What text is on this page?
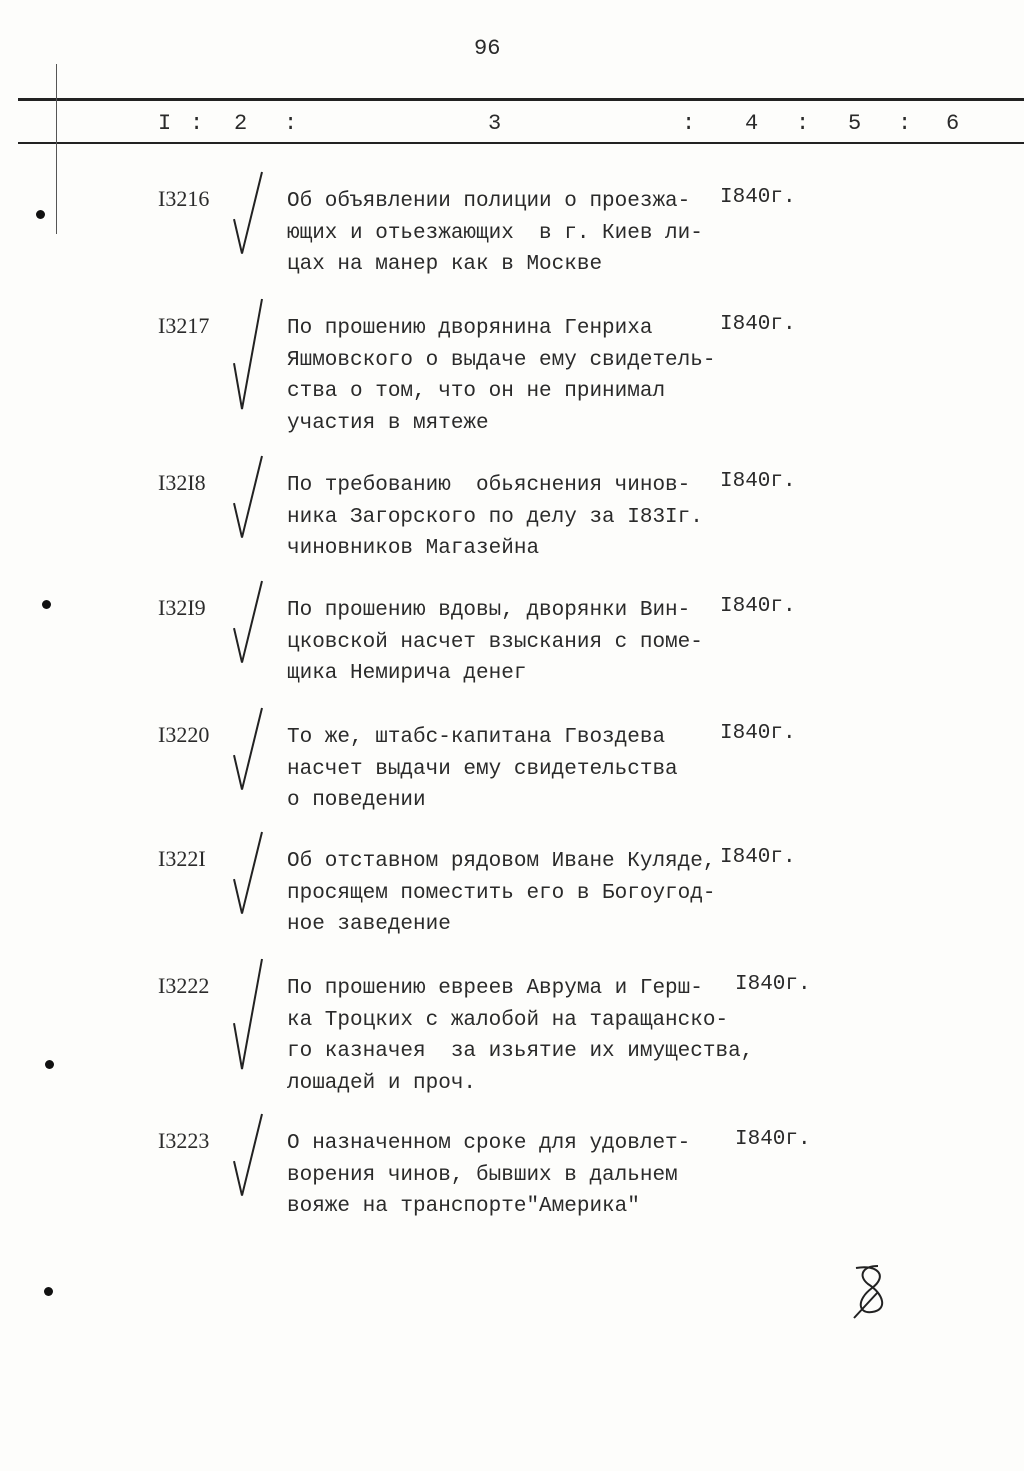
96
I : 2 :	3	: 4 : 5 : 6
I3216	Об объявлении полиции о проезжа-
ющих и отьезжающих  в г. Киев ли-
цах на манер как в Москве
I840г.
I3217	По прошению дворянина Генриха
Яшмовского о выдаче ему свидетель-
ства о том, что он не принимал
участия в мятеже
I840г.
I32I8	По требованию  обьяснения чинов-
ника Загорского по делу за I83Iг.
чиновников Магазейна
I840г.
I32I9	По прошению вдовы, дворянки Вин-
цковской насчет взыскания с поме-
щика Немирича денег
I840г.
I3220	То же, штабс-капитана Гвоздева
насчет выдачи ему свидетельства
о поведении
I840г.
I322I	Об отставном рядовом Иване Куляде,
просящем поместить его в Богоугод-
ное заведение
I840г.
I3222	По прошению евреев Аврума и Герш-
ка Троцких с жалобой на таращанско-
го казначея  за изьятие их имущества,
лошадей и проч.
I840г.
I3223	О назначенном сроке для удовлет-
ворения чинов, бывших в дальнем
вояже на транспорте"Америка"
I840г.
